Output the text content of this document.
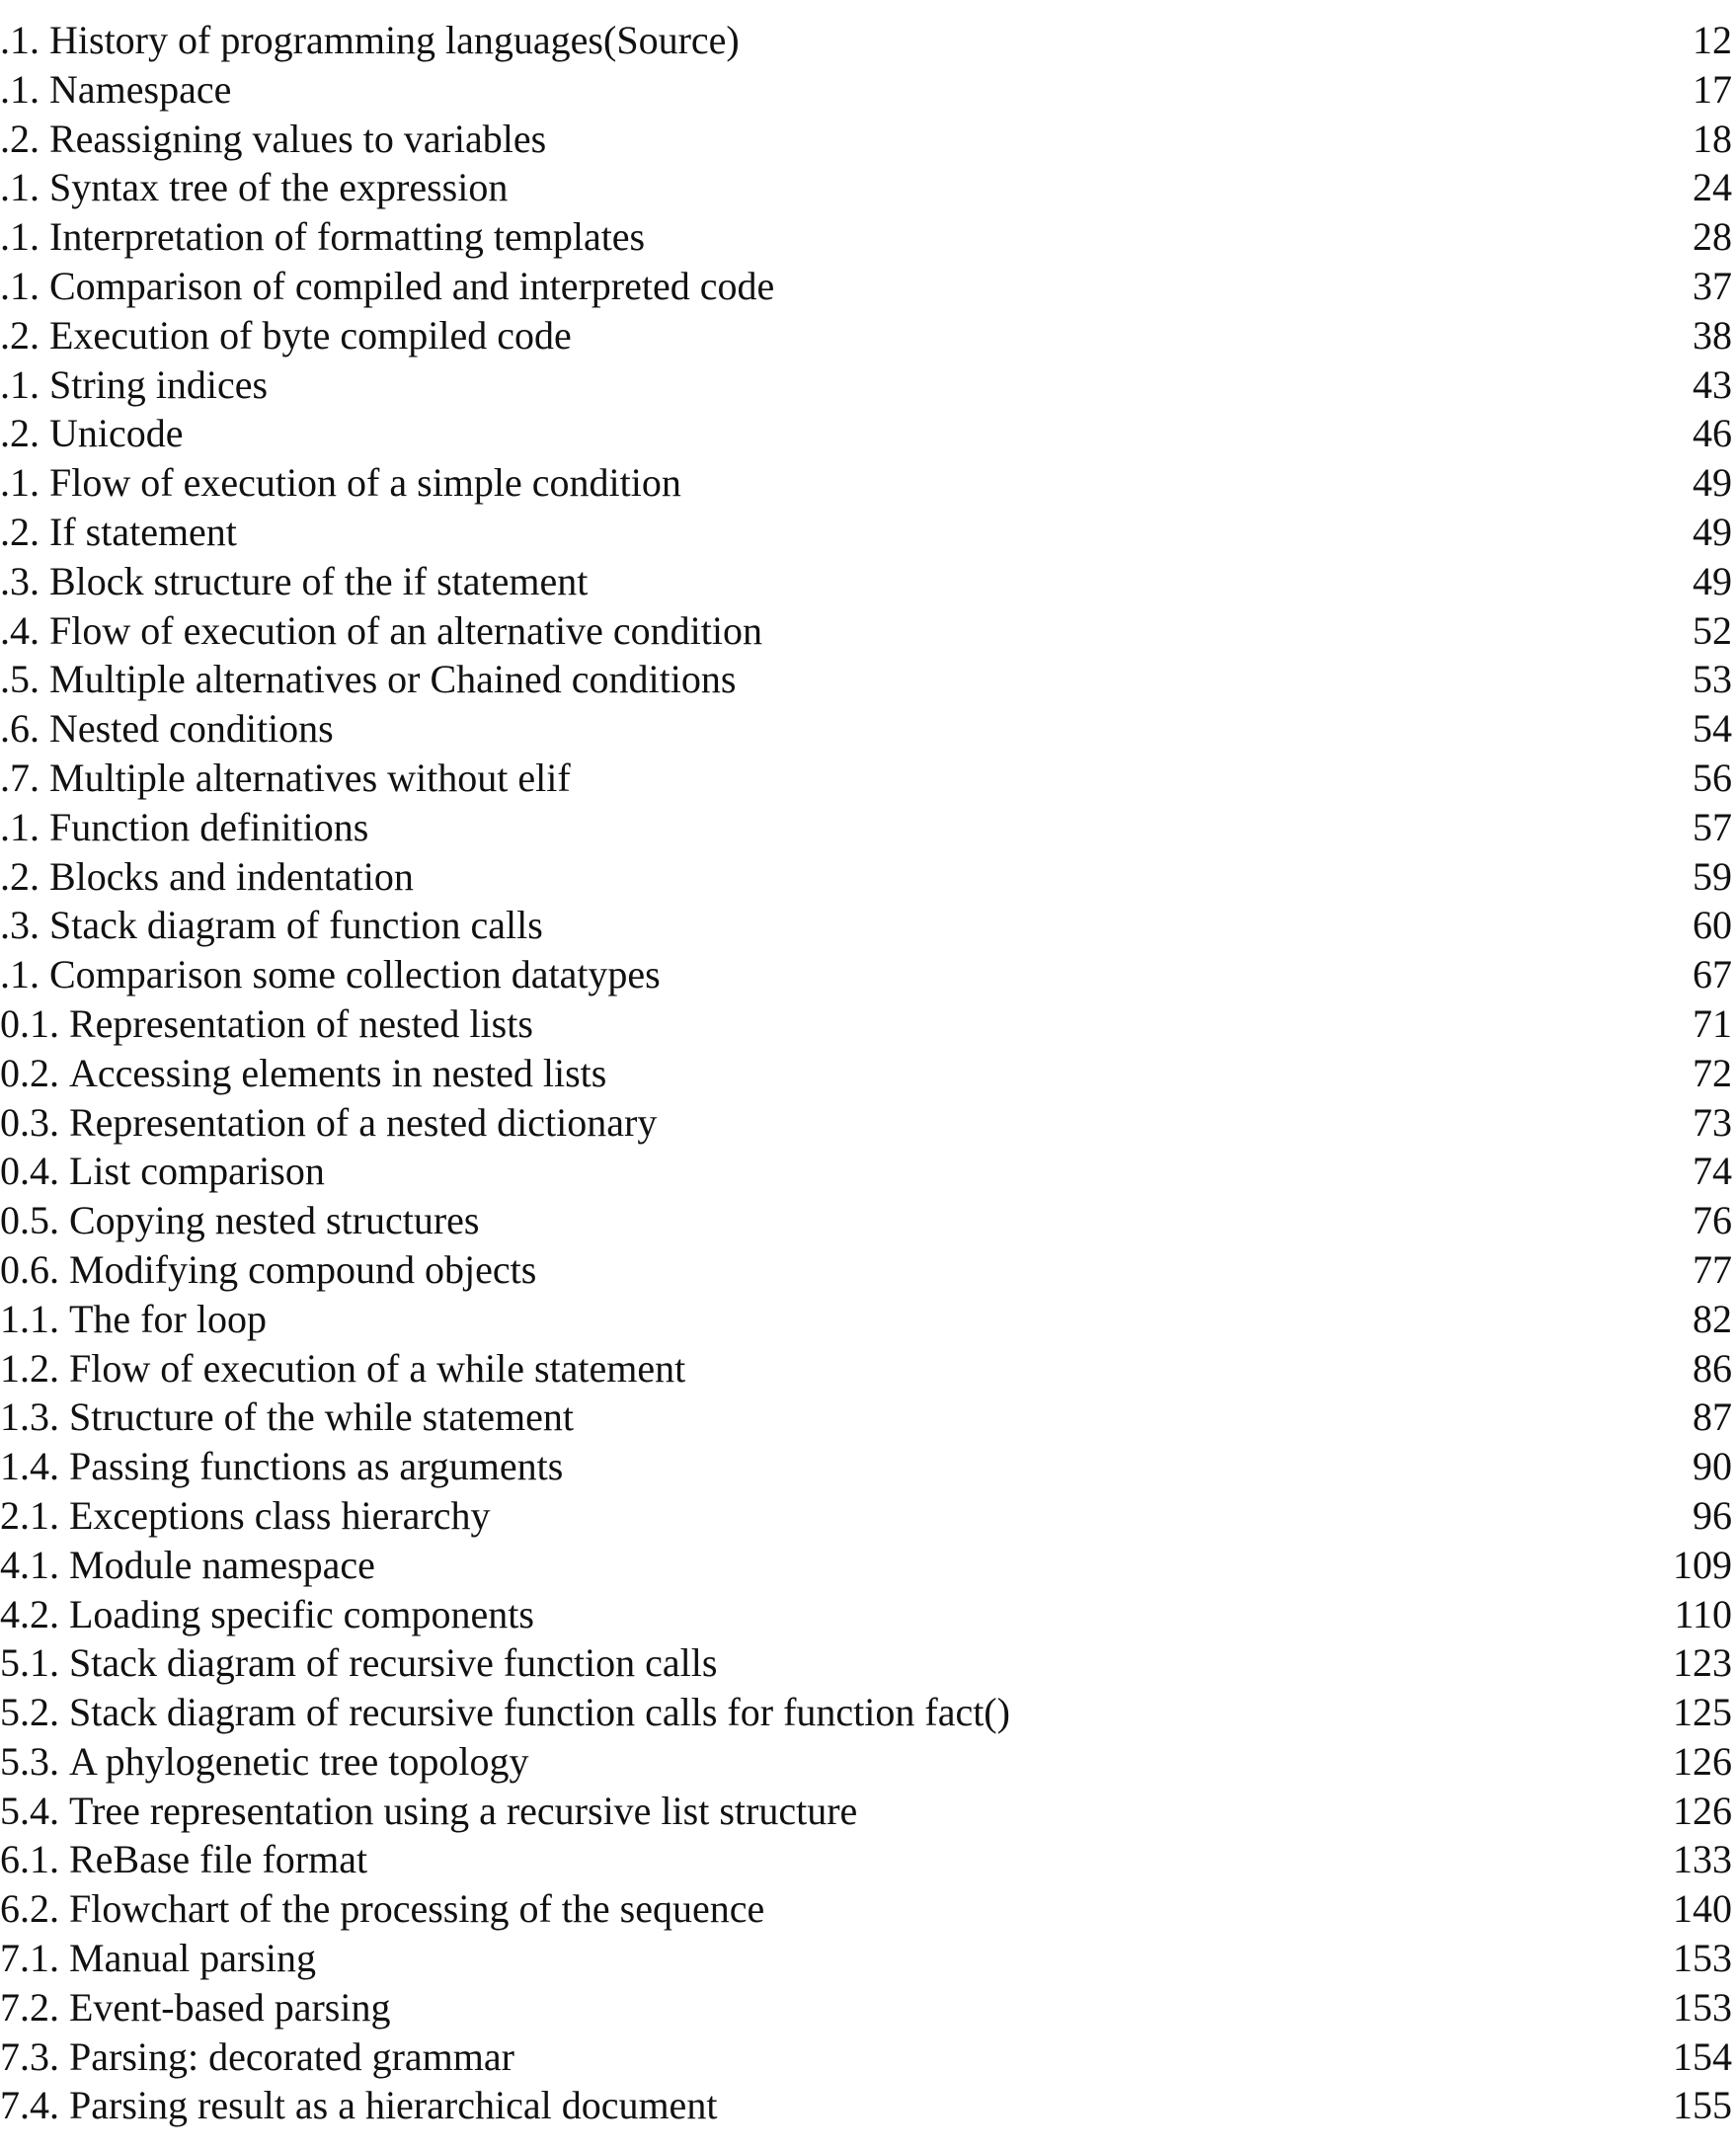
.1. History of programming languages(Source)	12
.1. Namespace	17
.2. Reassigning values to variables	18
.1. Syntax tree of the expression	24
.1. Interpretation of formatting templates	28
.1. Comparison of compiled and interpreted code	37
.2. Execution of byte compiled code	38
.1. String indices	43
.2. Unicode	46
.1. Flow of execution of a simple condition	49
.2. If statement	49
.3. Block structure of the if statement	49
.4. Flow of execution of an alternative condition	52
.5. Multiple alternatives or Chained conditions	53
.6. Nested conditions	54
.7. Multiple alternatives without elif	56
.1. Function definitions	57
.2. Blocks and indentation	59
.3. Stack diagram of function calls	60
.1. Comparison some collection datatypes	67
0.1. Representation of nested lists	71
0.2. Accessing elements in nested lists	72
0.3. Representation of a nested dictionary	73
0.4. List comparison	74
0.5. Copying nested structures	76
0.6. Modifying compound objects	77
1.1. The for loop	82
1.2. Flow of execution of a while statement	86
1.3. Structure of the while statement	87
1.4. Passing functions as arguments	90
2.1. Exceptions class hierarchy	96
4.1. Module namespace	109
4.2. Loading specific components	110
5.1. Stack diagram of recursive function calls	123
5.2. Stack diagram of recursive function calls for function fact()	125
5.3. A phylogenetic tree topology	126
5.4. Tree representation using a recursive list structure	126
6.1. ReBase file format	133
6.2. Flowchart of the processing of the sequence	140
7.1. Manual parsing	153
7.2. Event-based parsing	153
7.3. Parsing: decorated grammar	154
7.4. Parsing result as a hierarchical document	155
